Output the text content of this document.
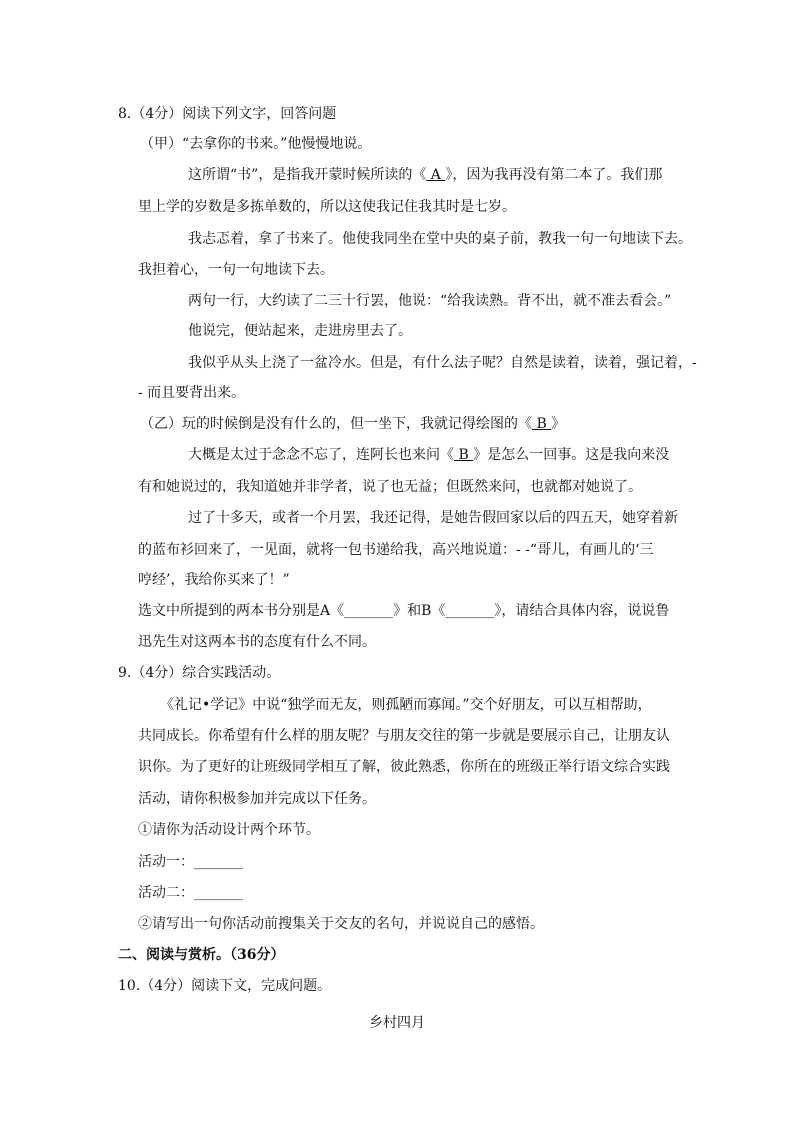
8.（4分）阅读下列文字，回答问题
（甲）“去拿你的书来。”他慢慢地说。
这所谓“书”，是指我开蒙时候所读的《 A 》，因为我再没有第二本了。我们那
里上学的岁数是多拣单数的，所以这使我记住我其时是七岁。
我忐忑着，拿了书来了。他使我同坐在堂中央的桌子前，教我一句一句地读下去。
我担着心，一句一句地读下去。
两句一行，大约读了二三十行罢，他说：“给我读熟。背不出，就不准去看会。”
他说完，便站起来，走进房里去了。
我似乎从头上浇了一盆冷水。但是，有什么法子呢？自然是读着，读着，强记着，-
- 而且要背出来。
（乙）玩的时候倒是没有什么的，但一坐下，我就记得绘图的《 B 》
大概是太过于念念不忘了，连阿长也来问《 B 》是怎么一回事。这是我向来没
有和她说过的，我知道她并非学者，说了也无益；但既然来问，也就都对她说了。
过了十多天，或者一个月罢，我还记得，是她告假回家以后的四五天，她穿着新
的蓝布衫回来了，一见面，就将一包书递给我，高兴地说道：- -“哥儿，有画儿的‘三
哼经’，我给你买来了！”
选文中所提到的两本书分别是A《_______》和B《_______》，请结合具体内容，说说鲁
迅先生对这两本书的态度有什么不同。
9.（4分）综合实践活动。
《礼记•学记》中说“独学而无友，则孤陋而寡闻。”交个好朋友，可以互相帮助，
共同成长。你希望有什么样的朋友呢？与朋友交往的第一步就是要展示自己，让朋友认
识你。为了更好的让班级同学相互了解，彼此熟悉，你所在的班级正举行语文综合实践
活动，请你积极参加并完成以下任务。
①请你为活动设计两个环节。
活动一：_______
活动二：_______
②请写出一句你活动前搜集关于交友的名句，并说说自己的感悟。
二、阅读与赏析。（36分）
10.（4分）阅读下文，完成问题。
乡村四月
